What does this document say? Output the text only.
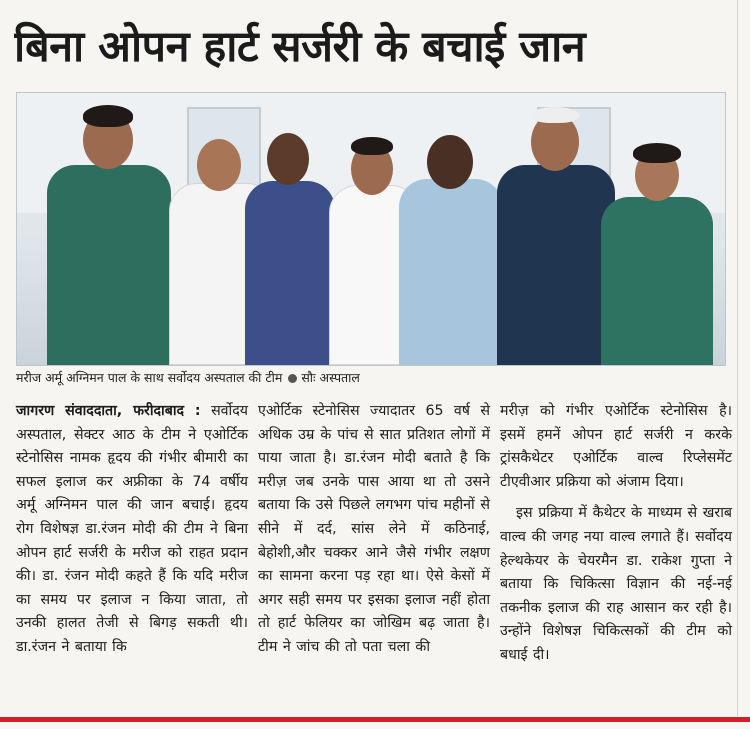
बिना ओपन हार्ट सर्जरी के बचाई जान
मरीज अर्मू अग्निमन पाल के साथ सर्वोदय अस्पताल की टीम सौः अस्पताल

जागरण संवाददाता, फरीदाबाद : सर्वोदय अस्पताल, सेक्टर आठ के टीम ने एओर्टिक स्टेनोसिस नामक हृदय की गंभीर बीमारी का सफल इलाज कर अफ्रीका के 74 वर्षीय अर्मू अग्निमन पाल की जान बचाई। हृदय रोग विशेषज्ञ डा.रंजन मोदी की टीम ने बिना ओपन हार्ट सर्जरी के मरीज को राहत प्रदान की। डा. रंजन मोदी कहते हैं कि यदि मरीज का समय पर इलाज न किया जाता, तो उनकी हालत तेजी से बिगड़ सकती थी। डा.रंजन ने बताया कि

एओर्टिक स्टेनोसिस ज्यादातर 65 वर्ष से अधिक उम्र के पांच से सात प्रतिशत लोगों में पाया जाता है। डा.रंजन मोदी बताते है कि मरीज़ जब उनके पास आया था तो उसने बताया कि उसे पिछले लगभग पांच महीनों से सीने में दर्द, सांस लेने में कठिनाई, बेहोशी,और चक्कर आने जैसे गंभीर लक्षण का सामना करना पड़ रहा था। ऐसे केसों में अगर सही समय पर इसका इलाज नहीं होता तो हार्ट फेलियर का जोखिम बढ़ जाता है। टीम ने जांच की तो पता चला की

मरीज़ को गंभीर एओर्टिक स्टेनोसिस है। इसमें हमनें ओपन हार्ट सर्जरी न करके ट्रांसकैथेटर एओर्टिक वाल्व रिप्लेसमेंट टीएवीआर प्रक्रिया को अंजाम दिया।

इस प्रक्रिया में कैथेटर के माध्यम से खराब वाल्व की जगह नया वाल्व लगाते हैं। सर्वोदय हेल्थकेयर के चेयरमैन डा. राकेश गुप्ता ने बताया कि चिकित्सा विज्ञान की नई-नई तकनीक इलाज की राह आसान कर रही है। उन्होंने विशेषज्ञ चिकित्सकों की टीम को बधाई दी।
